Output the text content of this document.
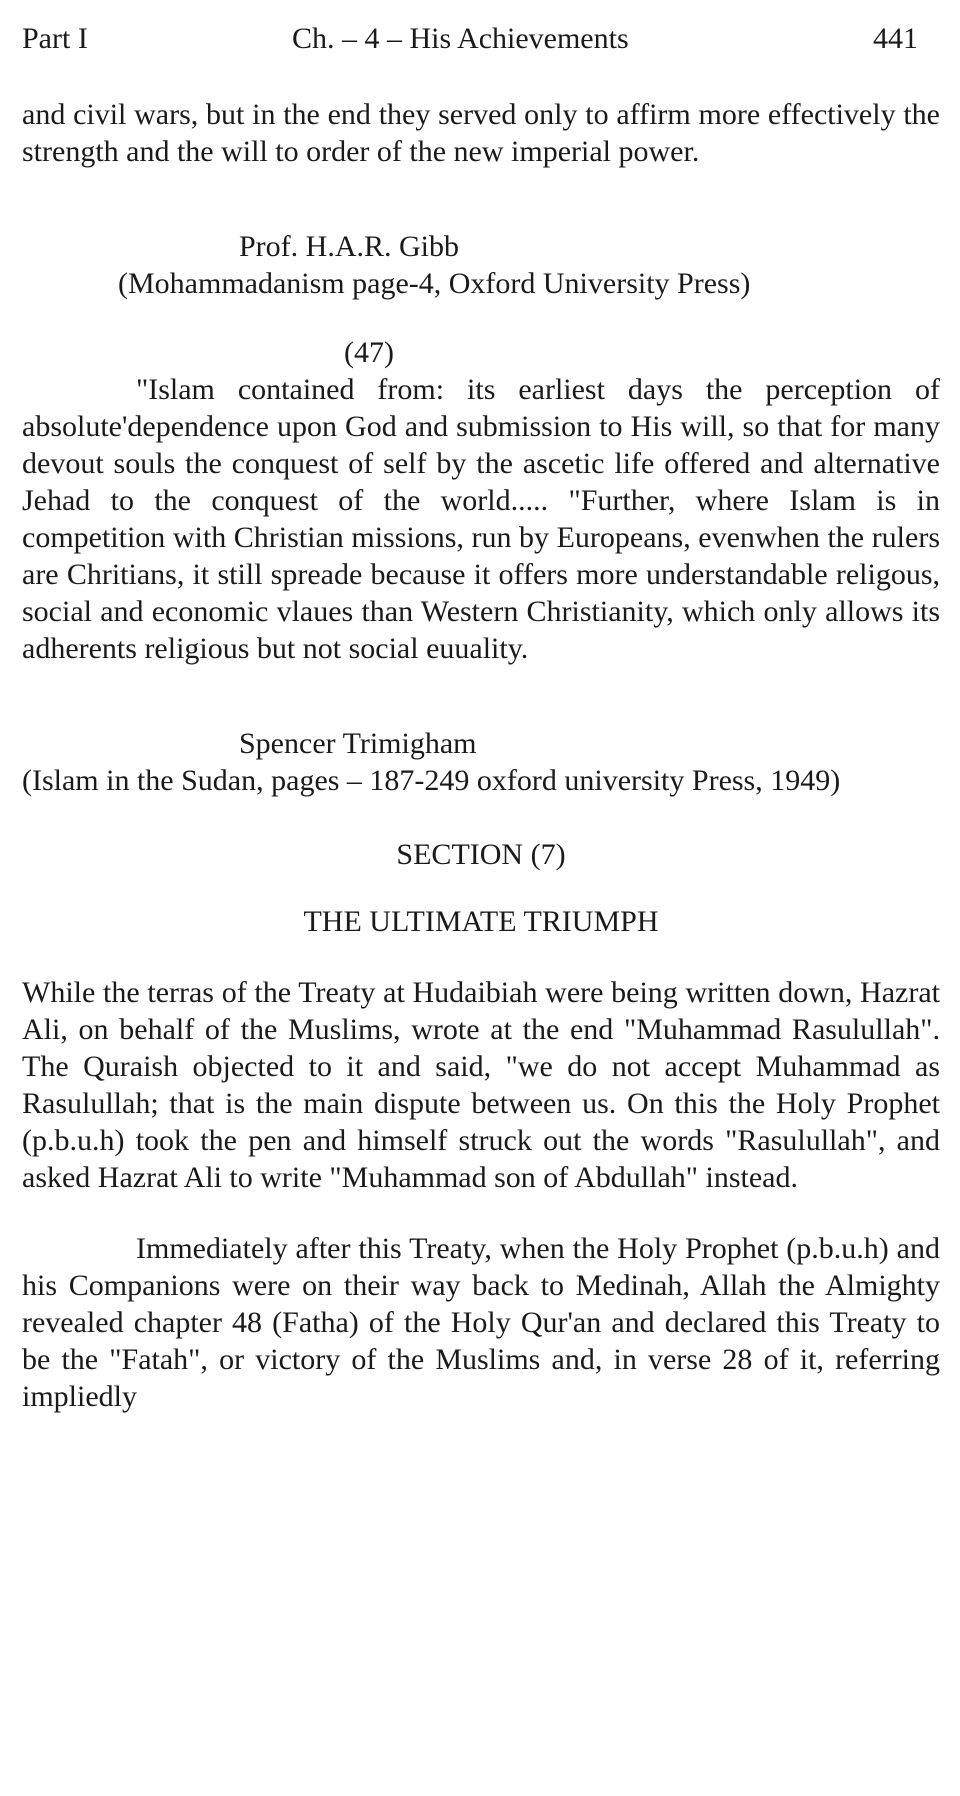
Part I	Ch. – 4 – His Achievements	441
and civil wars, but in the end they served only to affirm more effectively the strength and the will to order of the new imperial power.
Prof. H.A.R. Gibb
(Mohammadanism page-4, Oxford University Press)
(47)
"Islam contained from: its earliest days the perception of absolute'dependence upon God and submission to His will, so that for many devout souls the conquest of self by the ascetic life offered and alternative Jehad to the conquest of the world..... "Further, where Islam is in competition with Christian missions, run by Europeans, evenwhen the rulers are Chritians, it still spreade because it offers more understandable religous, social and economic vlaues than Western Christianity, which only allows its adherents religious but not social euuality.
Spencer Trimigham
(Islam in the Sudan, pages – 187-249 oxford university Press, 1949)
SECTION (7)
THE ULTIMATE TRIUMPH
While the terras of the Treaty at Hudaibiah were being written down, Hazrat Ali, on behalf of the Muslims, wrote at the end "Muhammad Rasulullah". The Quraish objected to it and said, "we do not accept Muhammad as Rasulullah; that is the main dispute between us. On this the Holy Prophet (p.b.u.h) took the pen and himself struck out the words "Rasulullah", and asked Hazrat Ali to write "Muhammad son of Abdullah" instead.
Immediately after this Treaty, when the Holy Prophet (p.b.u.h) and his Companions were on their way back to Medinah, Allah the Almighty revealed chapter 48 (Fatha) of the Holy Qur'an and declared this Treaty to be the "Fatah", or victory of the Muslims and, in verse 28 of it, referring impliedly
